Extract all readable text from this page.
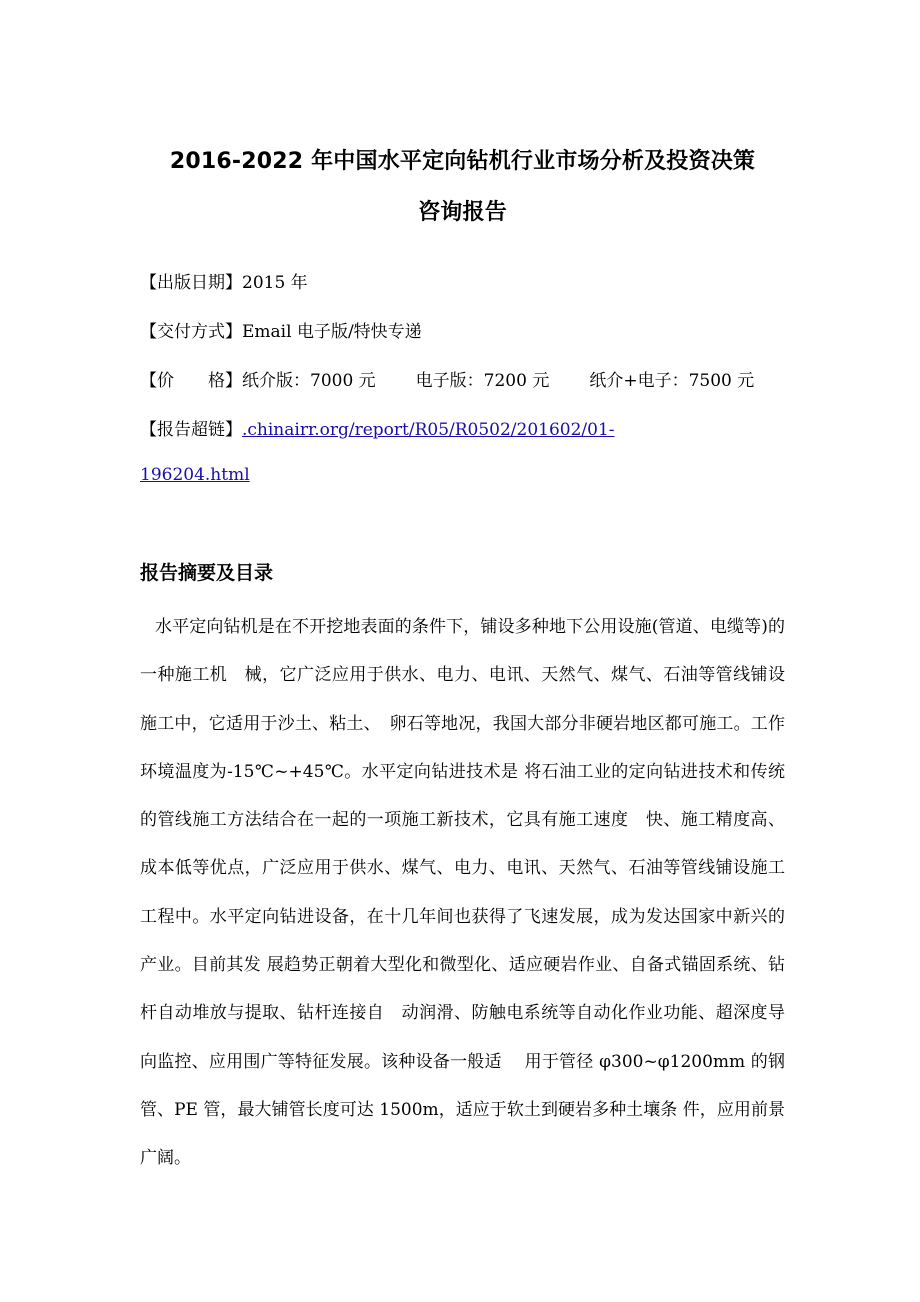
2016-2022 年中国水平定向钻机行业市场分析及投资决策
咨询报告
【出版日期】2015 年
【交付方式】Email 电子版/特快专递
【价　　格】纸介版：7000 元 电子版：7200 元 纸介+电子：7500 元
【报告超链】.chinairr.org/report/R05/R0502/201602/01-
196204.html
报告摘要及目录

水平定向钻机是在不开挖地表面的条件下，铺设多种地下公用设施(管道、电缆等)的一种施工机　械，它广泛应用于供水、电力、电讯、天然气、煤气、石油等管线铺设施工中，它适用于沙土、粘土、　卵石等地况，我国大部分非硬岩地区都可施工。工作环境温度为-15℃~+45℃。水平定向钻进技术是 将石油工业的定向钻进技术和传统的管线施工方法结合在一起的一项施工新技术，它具有施工速度　快、施工精度高、成本低等优点，广泛应用于供水、煤气、电力、电讯、天然气、石油等管线铺设施工 工程中。水平定向钻进设备，在十几年间也获得了飞速发展，成为发达国家中新兴的产业。目前其发 展趋势正朝着大型化和微型化、适应硬岩作业、自备式锚固系统、钻杆自动堆放与提取、钻杆连接自　动润滑、防触电系统等自动化作业功能、超深度导向监控、应用围广等特征发展。该种设备一般适　 用于管径 φ300~φ1200mm 的钢管、PE 管，最大铺管长度可达 1500m，适应于软土到硬岩多种土壤条 件，应用前景广阔。
